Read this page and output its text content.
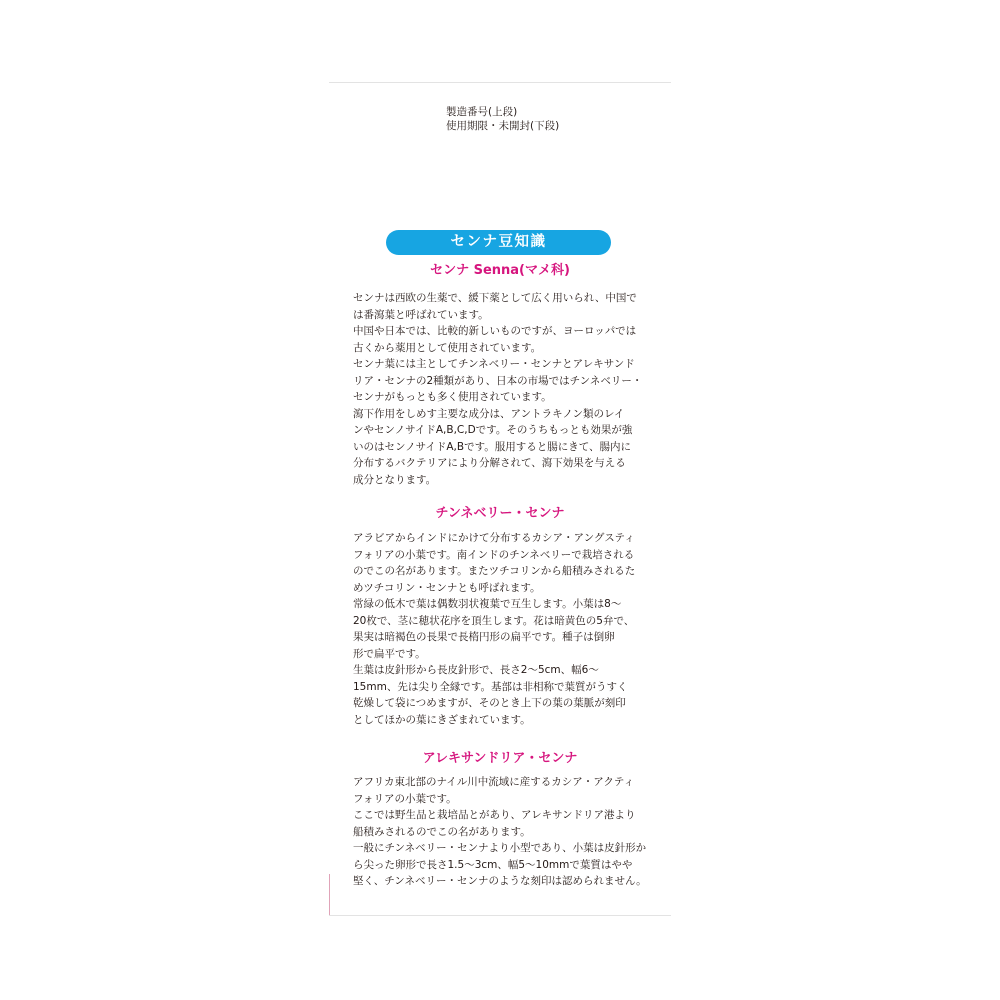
製造番号(上段)
使用期限・未開封(下段)
センナ豆知識
センナ Senna(マメ科)
センナは西欧の生薬で、緩下薬として広く用いられ、中国で
は番瀉葉と呼ばれています。
中国や日本では、比較的新しいものですが、ヨーロッパでは
古くから薬用として使用されています。
センナ葉には主としてチンネベリー・センナとアレキサンド
リア・センナの2種類があり、日本の市場ではチンネベリー・
センナがもっとも多く使用されています。
瀉下作用をしめす主要な成分は、アントラキノン類のレイ
ンやセンノサイドA,B,C,Dです。そのうちもっとも効果が強
いのはセンノサイドA,Bです。服用すると腸にきて、腸内に
分布するバクテリアにより分解されて、瀉下効果を与える
成分となります。
チンネベリー・センナ
アラビアからインドにかけて分布するカシア・アングスティ
フォリアの小葉です。南インドのチンネベリーで栽培される
のでこの名があります。またツチコリンから船積みされるた
めツチコリン・センナとも呼ばれます。
常緑の低木で葉は偶数羽状複葉で互生します。小葉は8〜
20枚で、茎に穂状花序を頂生します。花は暗黄色の5弁で、
果実は暗褐色の長果で長楕円形の扁平です。種子は倒卵
形で扁平です。
生葉は皮針形から長皮針形で、長さ2〜5cm、幅6〜
15mm、先は尖り全縁です。基部は非相称で葉質がうすく
乾燥して袋につめますが、そのとき上下の葉の葉脈が刻印
としてほかの葉にきざまれています。
アレキサンドリア・センナ
アフリカ東北部のナイル川中流域に産するカシア・アクティ
フォリアの小葉です。
ここでは野生品と栽培品とがあり、アレキサンドリア港より
船積みされるのでこの名があります。
一般にチンネベリー・センナより小型であり、小葉は皮針形か
ら尖った卵形で長さ1.5〜3cm、幅5〜10mmで葉質はやや
堅く、チンネベリー・センナのような刻印は認められません。
